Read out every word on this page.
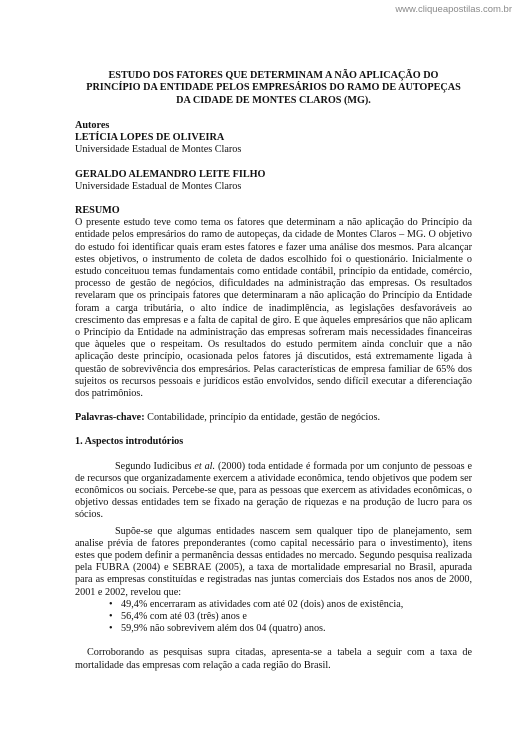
www.cliqueapostilas.com.br
ESTUDO DOS FATORES QUE DETERMINAM A NÃO APLICAÇÃO DO
PRINCÍPIO DA ENTIDADE PELOS EMPRESÁRIOS DO RAMO DE AUTOPEÇAS
DA CIDADE DE MONTES CLAROS (MG).
Autores
LETÍCIA LOPES DE OLIVEIRA
Universidade Estadual de Montes Claros
GERALDO ALEMANDRO LEITE FILHO
Universidade Estadual de Montes Claros
RESUMO

O presente estudo teve como tema os fatores que determinam a não aplicação do Princípio da entidade pelos empresários do ramo de autopeças, da cidade de Montes Claros – MG. O objetivo do estudo foi identificar quais eram estes fatores e fazer uma análise dos mesmos. Para alcançar estes objetivos, o instrumento de coleta de dados escolhido foi o questionário. Inicialmente o estudo conceituou temas fundamentais como entidade contábil, princípio da entidade, comércio, processo de gestão de negócios, dificuldades na administração das empresas. Os resultados revelaram que os principais fatores que determinaram a não aplicação do Princípio da Entidade foram a carga tributária, o alto índice de inadimplência, as legislações desfavoráveis ao crescimento das empresas e a falta de capital de giro. E que àqueles empresários que não aplicam o Princípio da Entidade na administração das empresas sofreram mais necessidades financeiras que àqueles que o respeitam. Os resultados do estudo permitem ainda concluir que a não aplicação deste princípio, ocasionada pelos fatores já discutidos, está extremamente ligada à questão de sobrevivência dos empresários. Pelas características de empresa familiar de 65% dos sujeitos os recursos pessoais e jurídicos estão envolvidos, sendo difícil executar a diferenciação dos patrimônios.

Palavras-chave: Contabilidade, princípio da entidade, gestão de negócios.
1. Aspectos introdutórios

Segundo Iudicibus et al. (2000) toda entidade é formada por um conjunto de pessoas e de recursos que organizadamente exercem a atividade econômica, tendo objetivos que podem ser econômicos ou sociais. Percebe-se que, para as pessoas que exercem as atividades econômicas, o objetivo dessas entidades tem se fixado na geração de riquezas e na produção de lucro para os sócios.

Supõe-se que algumas entidades nascem sem qualquer tipo de planejamento, sem analise prévia de fatores preponderantes (como capital necessário para o investimento), itens estes que podem definir a permanência dessas entidades no mercado. Segundo pesquisa realizada pela FUBRA (2004) e SEBRAE (2005), a taxa de mortalidade empresarial no Brasil, apurada para as empresas constituídas e registradas nas juntas comerciais dos Estados nos anos de 2000, 2001 e 2002, revelou que:

• 49,4% encerraram as atividades com até 02 (dois) anos de existência,
• 56,4% com até 03 (três) anos e
• 59,9% não sobrevivem além dos 04 (quatro) anos.

Corroborando as pesquisas supra citadas, apresenta-se a tabela a seguir com a taxa de mortalidade das empresas com relação a cada região do Brasil.
